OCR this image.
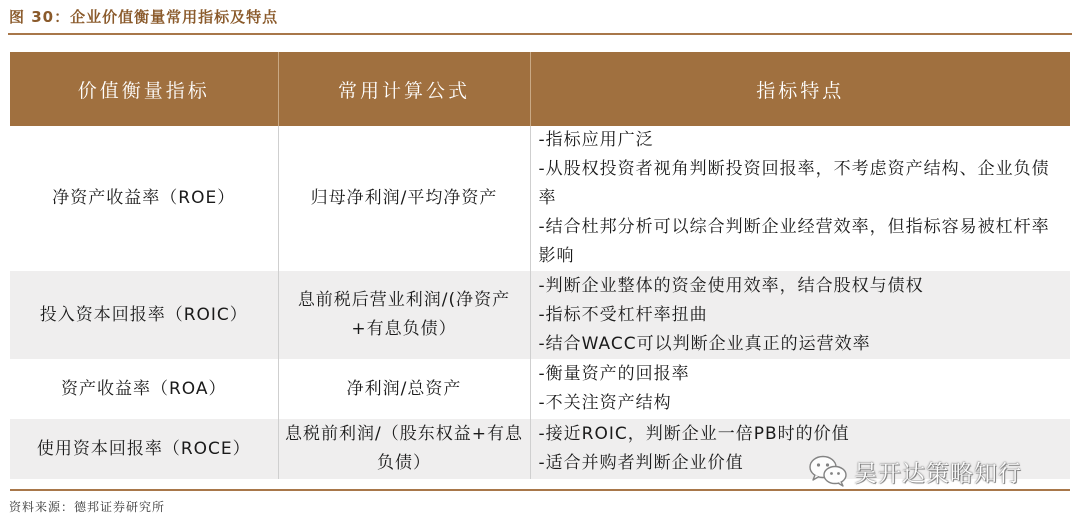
图 30：企业价值衡量常用指标及特点
价值衡量指标	常用计算公式	指标特点
净资产收益率（ROE）	归母净利润/平均净资产	-指标应用广泛
-从股权投资者视角判断投资回报率，不考虑资产结构、企业负债率
-结合杜邦分析可以综合判断企业经营效率，但指标容易被杠杆率影响

投入资本回报率（ROIC）	息前税后营业利润/(净资产+有息负债）	-判断企业整体的资金使用效率，结合股权与债权
-指标不受杠杆率扭曲
-结合WACC可以判断企业真正的运营效率

资产收益率（ROA）	净利润/总资产	-衡量资产的回报率
-不关注资产结构

使用资本回报率（ROCE）	息税前利润/（股东权益+有息负债）	-接近ROIC，判断企业一倍PB时的价值
-适合并购者判断企业价值
资料来源：德邦证券研究所
吴开达策略知行
